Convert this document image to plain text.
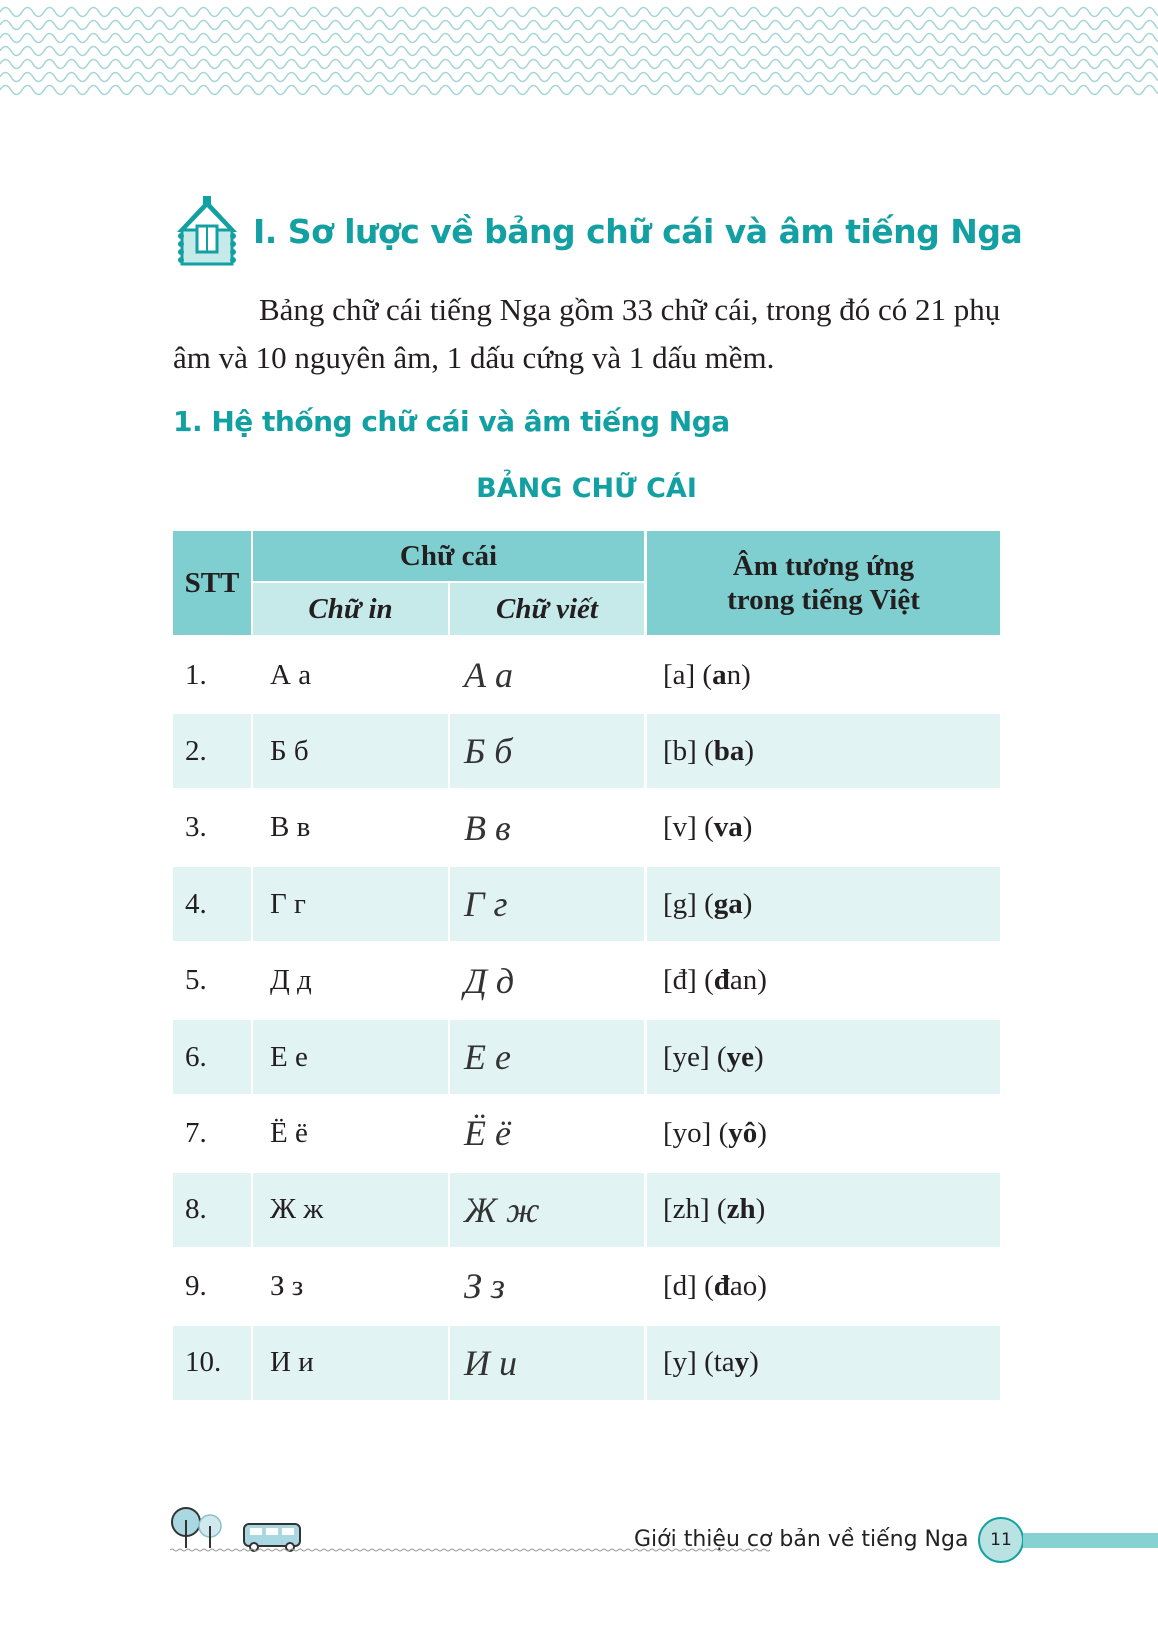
I. Sơ lược về bảng chữ cái và âm tiếng Nga
Bảng chữ cái tiếng Nga gồm 33 chữ cái, trong đó có 21 phụ âm và 10 nguyên âm, 1 dấu cứng và 1 dấu mềm.
1. Hệ thống chữ cái và âm tiếng Nga
BẢNG CHỮ CÁI
STT
Chữ cái
Chữ in	Chữ viết
Âm tương ứng trong tiếng Việt
1.	А а	А а	[a] ( a n)
2.	Б б	Б б	[b] ( ba )
3.	В в	В в	[v] ( va )
4.	Г г	Г г	[g] ( ga )
5.	Д д	Д д	[đ] ( đ an)
6.	Е е	Е е	[ye] ( ye )
7.	Ё ё	Ё ё	[yo] ( yô )
8.	Ж ж	Ж ж	[zh] ( zh )
9.	З з	З з	[d] ( đ ao)
10.	И и	И и	[y] (ta y )
Giới thiệu cơ bản về tiếng Nga	11
